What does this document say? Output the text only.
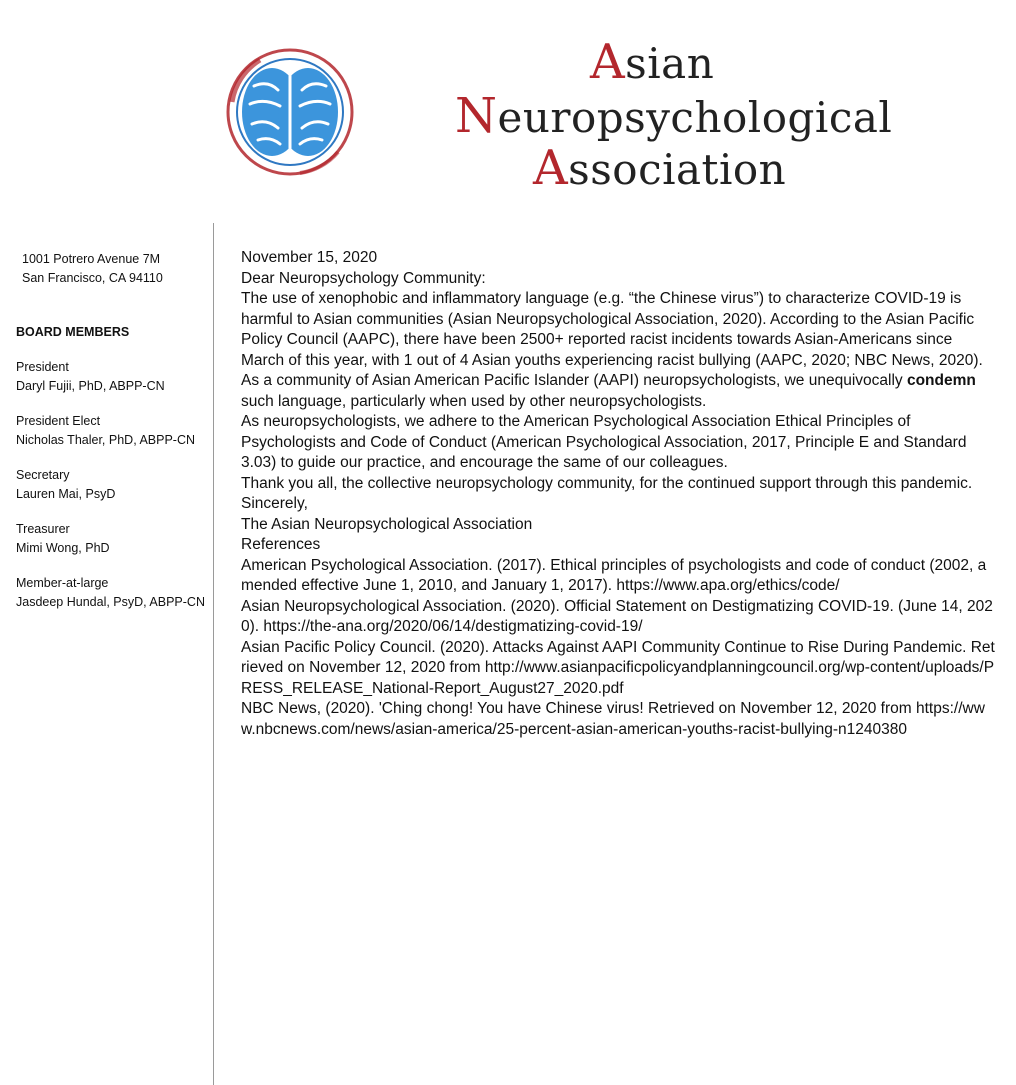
Asian
Neuropsychological
Association
1001 Potrero Avenue 7M
San Francisco, CA 94110
BOARD MEMBERS
President
Daryl Fujii, PhD, ABPP-CN
President Elect
Nicholas Thaler, PhD, ABPP-CN
Secretary
Lauren Mai, PsyD
Treasurer
Mimi Wong, PhD
Member-at-large
Jasdeep Hundal, PsyD, ABPP-CN

November 15, 2020

Dear Neuropsychology Community:

The use of xenophobic and inflammatory language (e.g. “the Chinese virus”) to characterize COVID-19 is harmful to Asian communities (Asian Neuropsychological Association, 2020). According to the Asian Pacific Policy Council (AAPC), there have been 2500+ reported racist incidents towards Asian-Americans since March of this year, with 1 out of 4 Asian youths experiencing racist bullying (AAPC, 2020; NBC News, 2020). As a community of Asian American Pacific Islander (AAPI) neuropsychologists, we unequivocally condemn such language, particularly when used by other neuropsychologists.

As neuropsychologists, we adhere to the American Psychological Association Ethical Principles of Psychologists and Code of Conduct (American Psychological Association, 2017, Principle E and Standard 3.03) to guide our practice, and encourage the same of our colleagues.

Thank you all, the collective neuropsychology community, for the continued support through this pandemic.

Sincerely,

The Asian Neuropsychological Association

References

American Psychological Association. (2017). Ethical principles of psychologists and code of conduct (2002, amended effective June 1, 2010, and January 1, 2017). https://www.apa.org/ethics/code/

Asian Neuropsychological Association. (2020). Official Statement on Destigmatizing COVID-19. (June 14, 2020). https://the-ana.org/2020/06/14/destigmatizing-covid-19/

Asian Pacific Policy Council. (2020). Attacks Against AAPI Community Continue to Rise During Pandemic. Retrieved on November 12, 2020 from http://www.asianpacificpolicyandplanningcouncil.org/wp-content/uploads/PRESS_RELEASE_National-Report_August27_2020.pdf

NBC News, (2020). 'Ching chong! You have Chinese virus! Retrieved on November 12, 2020 from https://www.nbcnews.com/news/asian-america/25-percent-asian-american-youths-racist-bullying-n1240380
